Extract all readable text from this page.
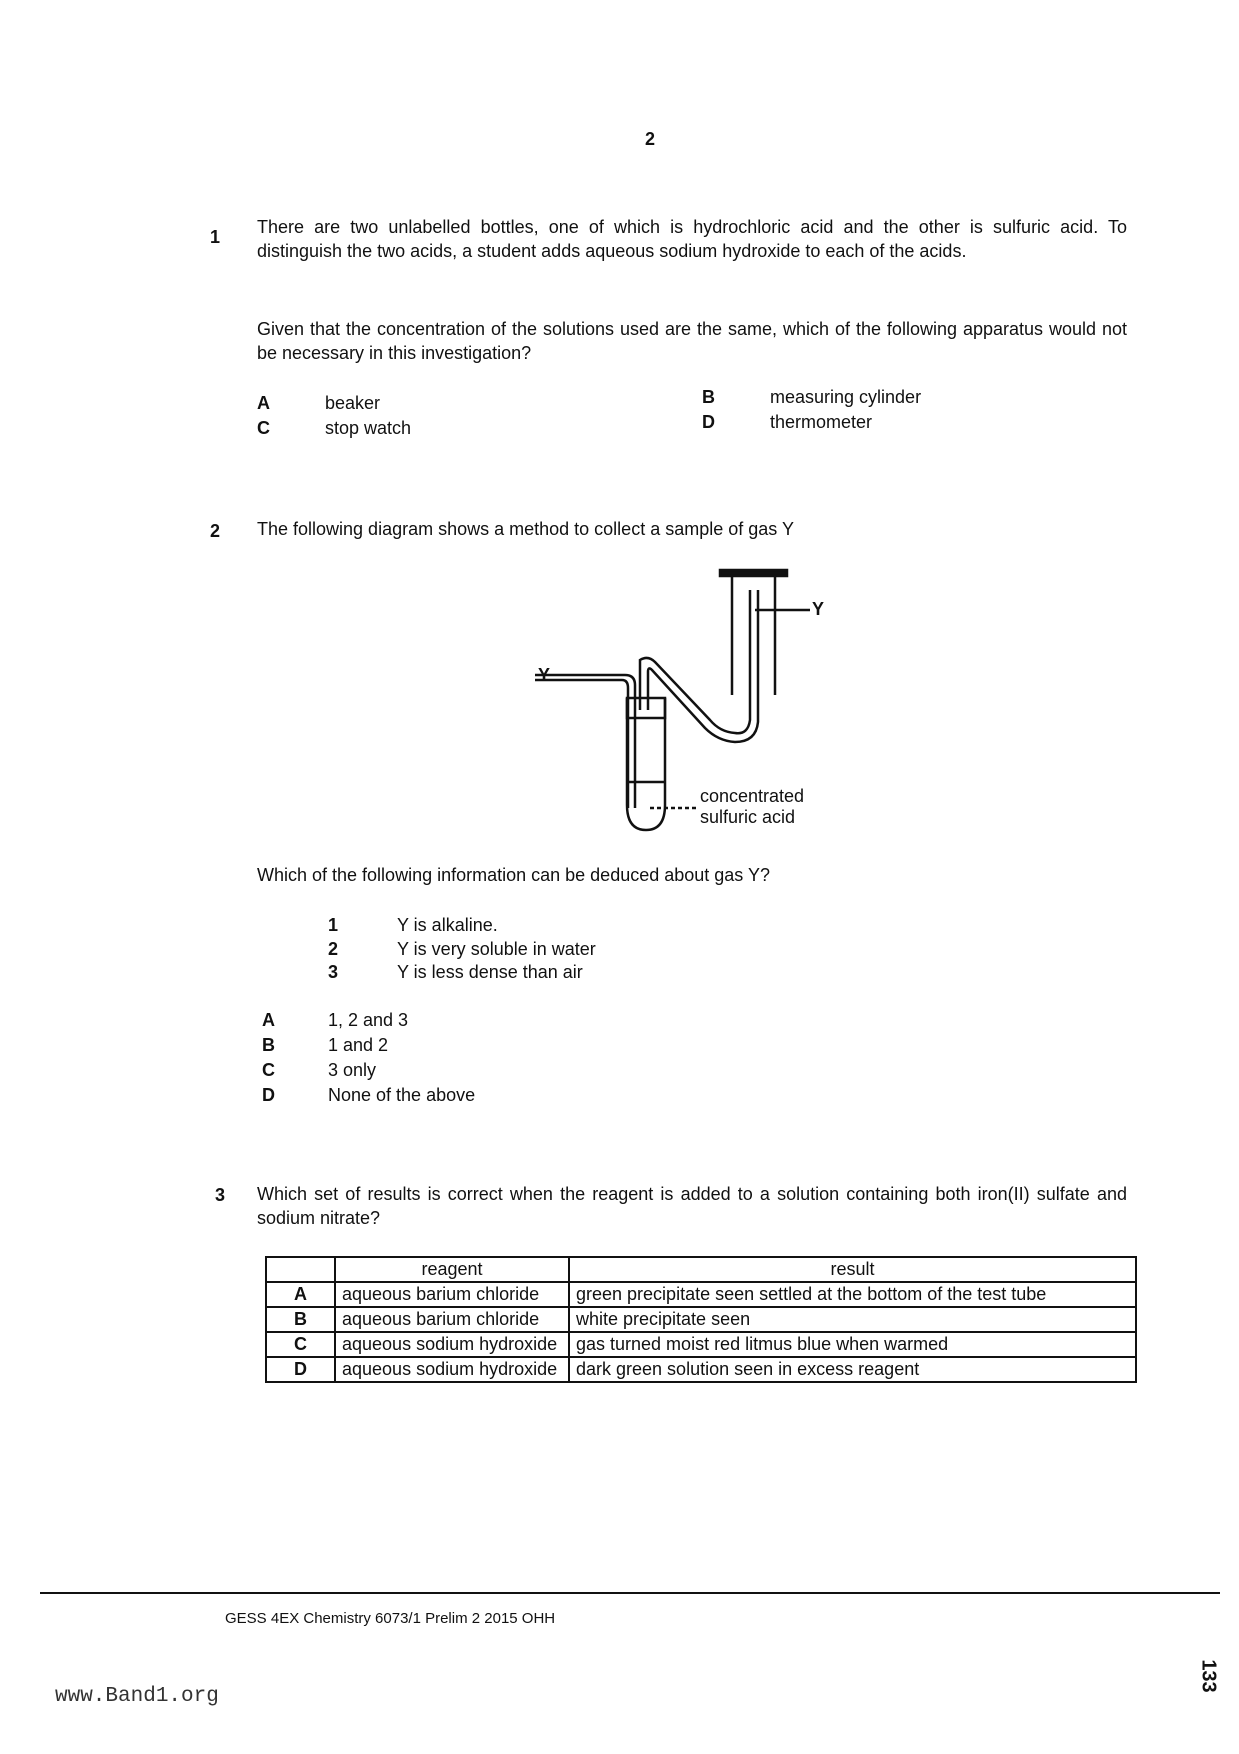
2
1 There are two unlabelled bottles, one of which is hydrochloric acid and the other is sulfuric acid. To distinguish the two acids, a student adds aqueous sodium hydroxide to each of the acids.
Given that the concentration of the solutions used are the same, which of the following apparatus would not be necessary in this investigation?
A	beaker	B	measuring cylinder
C	stop watch	D	thermometer
2 The following diagram shows a method to collect a sample of gas Y
Y
Y
concentrated
sulfuric acid
Which of the following information can be deduced about gas Y?
1	Y is alkaline.
2	Y is very soluble in water
3	Y is less dense than air
A	1, 2 and 3
B	1 and 2
C	3 only
D	None of the above
3 Which set of results is correct when the reagent is added to a solution containing both iron(II) sulfate and sodium nitrate?
	reagent	result
A	aqueous barium chloride	green precipitate seen settled at the bottom of the test tube
B	aqueous barium chloride	white precipitate seen
C	aqueous sodium hydroxide	gas turned moist red litmus blue when warmed
D	aqueous sodium hydroxide	dark green solution seen in excess reagent
GESS 4EX Chemistry 6073/1 Prelim 2 2015 OHH
www.Band1.org
133
